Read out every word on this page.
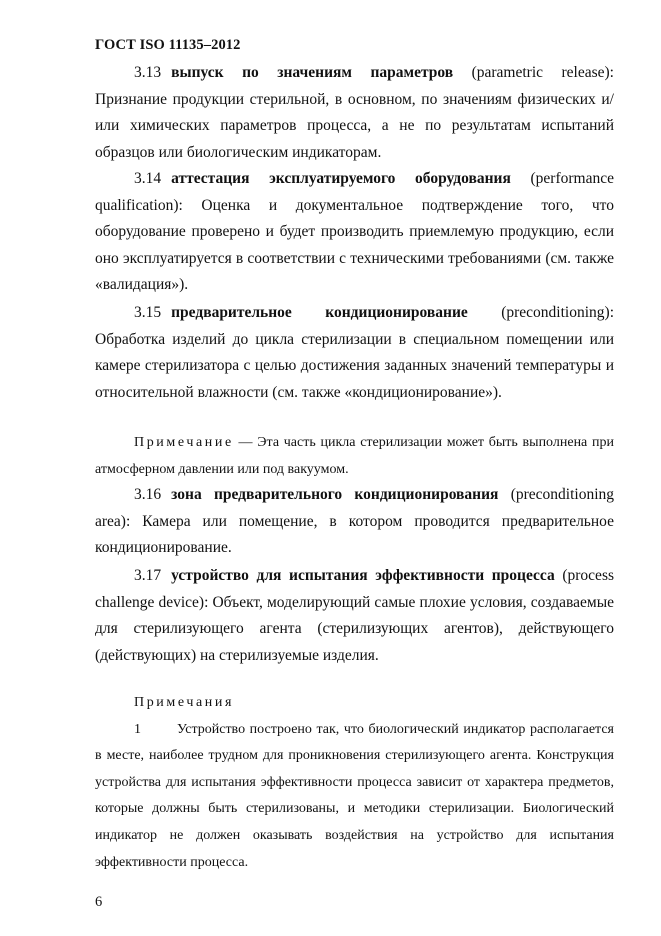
ГОСТ ISO 11135–2012

3.13 выпуск по значениям параметров (parametric release): Признание продукции стерильной, в основном, по значениям физических и/или химических параметров процесса, а не по результатам испытаний образцов или биологическим индикаторам.

3.14 аттестация эксплуатируемого оборудования (performance qualification): Оценка и документальное подтверждение того, что оборудование проверено и будет производить приемлемую продукцию, если оно эксплуатируется в соответствии с техническими требованиями (см. также «валидация»).

3.15 предварительное кондиционирование (preconditioning): Обработка изделий до цикла стерилизации в специальном помещении или камере стерилизатора с целью достижения заданных значений температуры и относительной влажности (см. также «кондиционирование»).

Примечание — Эта часть цикла стерилизации может быть выполнена при атмосферном давлении или под вакуумом.

3.16 зона предварительного кондиционирования (preconditioning area): Камера или помещение, в котором проводится предварительное кондиционирование.

3.17 устройство для испытания эффективности процесса (process challenge device): Объект, моделирующий самые плохие условия, создаваемые для стерилизующего агента (стерилизующих агентов), действующего (действующих) на стерилизуемые изделия.

Примечания

1	Устройство построено так, что биологический индикатор располагается в месте, наиболее трудном для проникновения стерилизующего агента. Конструкция устройства для испытания эффективности процесса зависит от характера предметов, которые должны быть стерилизованы, и методики стерилизации. Биологический индикатор не должен оказывать воздействия на устройство для испытания эффективности процесса.

6
